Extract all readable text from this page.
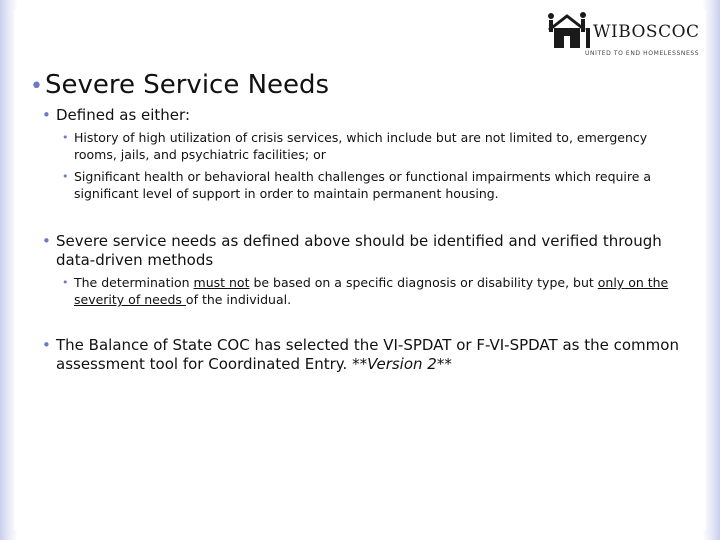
WIBOSCOC
UNITED TO END HOMELESSNESS
•Severe Service Needs
• Defined as either:
• History of high utilization of crisis services, which include but are not limited to, emergency rooms, jails, and psychiatric facilities; or
• Significant health or behavioral health challenges or functional impairments which require a significant level of support in order to maintain permanent housing.
• Severe service needs as defined above should be identified and verified through data-driven methods
• The determination must not be based on a specific diagnosis or disability type, but only on the severity of needs of the individual.
• The Balance of State COC has selected the VI-SPDAT or F-VI-SPDAT as the common assessment tool for Coordinated Entry. **Version 2**
